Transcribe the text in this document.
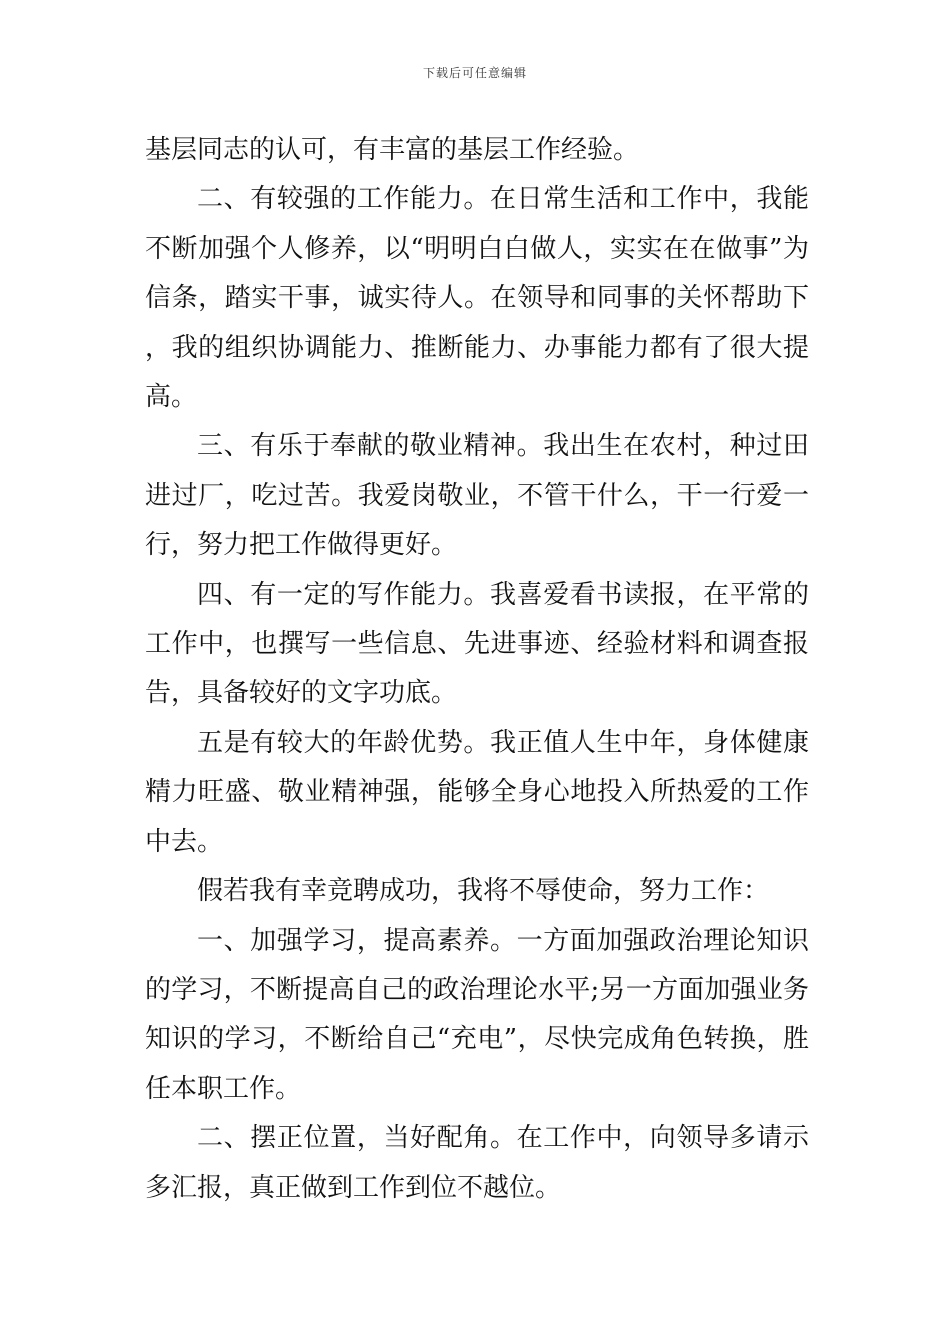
下载后可任意编辑

基层同志的认可，有丰富的基层工作经验。

二、有较强的工作能力。在日常生活和工作中，我能不断加强个人修养，以“明明白白做人，实实在在做事”为信条，踏实干事，诚实待人。在领导和同事的关怀帮助下，我的组织协调能力、推断能力、办事能力都有了很大提高。

三、有乐于奉献的敬业精神。我出生在农村，种过田进过厂，吃过苦。我爱岗敬业，不管干什么，干一行爱一行，努力把工作做得更好。

四、有一定的写作能力。我喜爱看书读报，在平常的工作中，也撰写一些信息、先进事迹、经验材料和调查报告，具备较好的文字功底。

五是有较大的年龄优势。我正值人生中年，身体健康精力旺盛、敬业精神强，能够全身心地投入所热爱的工作中去。

假若我有幸竞聘成功，我将不辱使命，努力工作：

一、加强学习，提高素养。一方面加强政治理论知识的学习，不断提高自己的政治理论水平;另一方面加强业务知识的学习，不断给自己“充电”，尽快完成角色转换，胜任本职工作。

二、摆正位置，当好配角。在工作中，向领导多请示多汇报，真正做到工作到位不越位。
